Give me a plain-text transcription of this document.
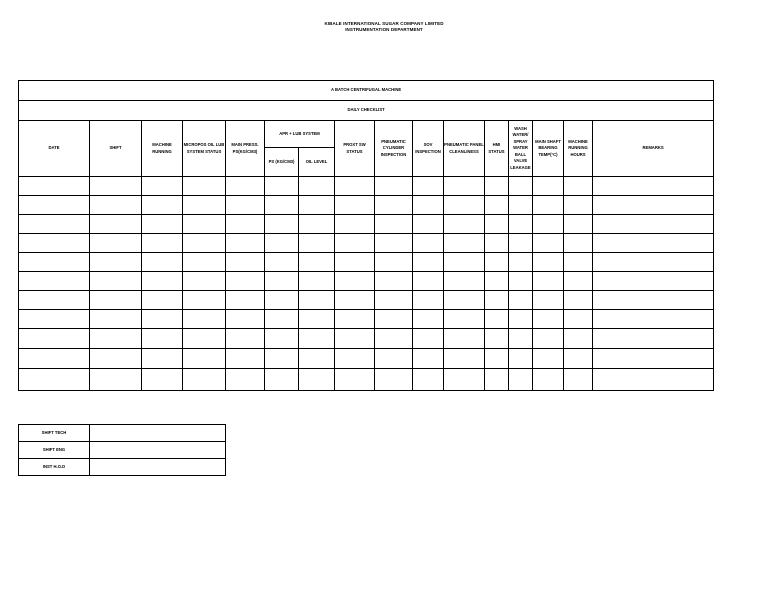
KIBALE INTERNATIONAL SUGAR COMPANY LIMITED
INSTRUMENTATION DEPARTMENT
A BATCH CENTRIFUGAL MACHINE															
DAILY CHECKLIST															
DATE	SHIFT	MACHINE RUNNING	MICROPOS OIL LUB SYSTEM STATUS	MAIN PRESS. PS(KG/CM3)	APR + LUB SYSTEM		PROXT SW STATUS	PNEUMATIC CYLINDER INSPECTION	SOV INSPECTION	PNEUMATIC PANEL CLEANLINESS	HMI STATUS	WASH WATER/ SPRAY WATER BALL VALVE LEAKAGE	MAIN SHAFT BEARING TEMP(°C)	MACHINE RUNNING HOURS	REMARKS
					PS (KG/CM3)	OIL LEVEL									

SHIFT TECH	
SHIFT ENG	
INST H.O.D	
